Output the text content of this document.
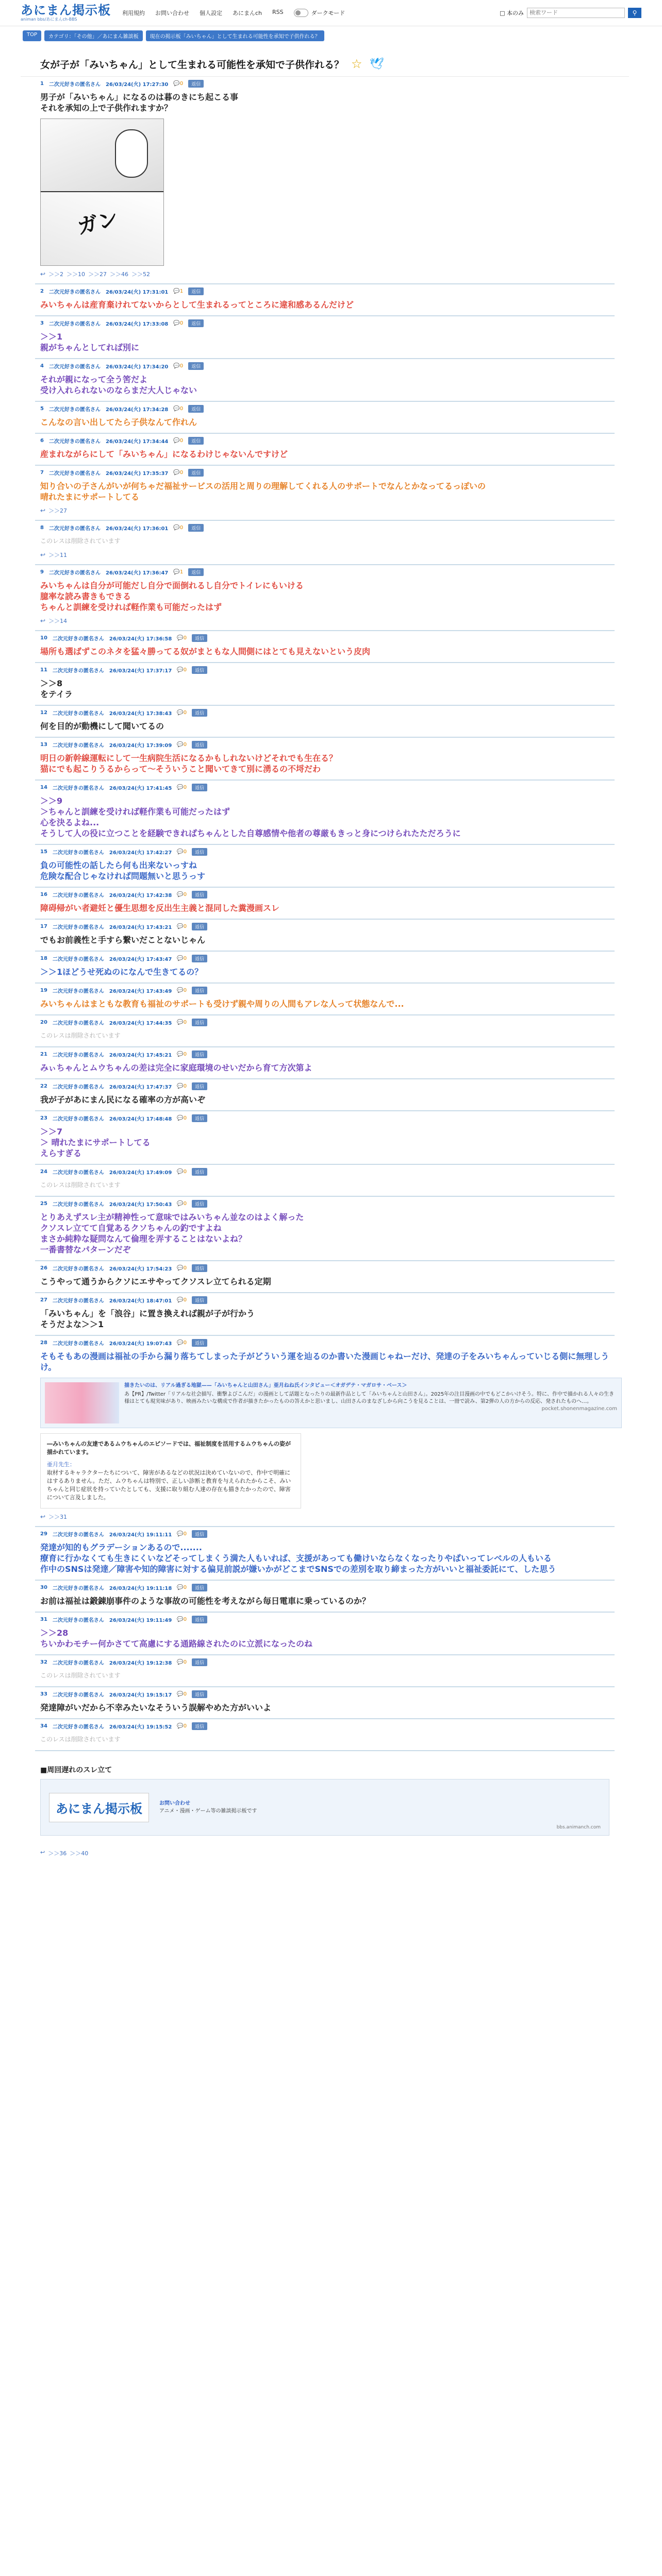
あにまん掲示板
animan bbs/あにまんch-BBS
利用規約 お問い合わせ 個人設定 あにまんch RSS	ダークモード	□ 本のみ
検索ワード	⚲
TOP	カテゴリ：「その他」／あにまん雑談板	現在の掲示板「みいちゃん」として生まれる可能性を承知で子供作れる？
女が子が「みいちゃん」として生まれる可能性を承知で子供作れる？ ☆ 🕊
1 二次元好きの匿名さん 26/03/24(火) 17:27:30 💬0	返信
男子が「みいちゃん」になるのは暮のきにち起こる事
それを承知の上で子供作れますか？
ガン
↩ ＞＞2 ＞＞10 ＞＞27 ＞＞46 ＞＞52
2 二次元好きの匿名さん 26/03/24(火) 17:31:01 💬1	返信
みいちゃんは産育棄けれてないからとして生まれるってところに違和感あるんだけど
3 二次元好きの匿名さん 26/03/24(火) 17:33:08 💬0	返信
＞＞1
親がちゃんとしてれば別に
4 二次元好きの匿名さん 26/03/24(火) 17:34:20 💬0	返信
それが親になって全う筈だよ
受け入れられないのならまだ大人じゃない
5 二次元好きの匿名さん 26/03/24(火) 17:34:28 💬0	返信
こんなの言い出してたら子供なんて作れん
6 二次元好きの匿名さん 26/03/24(火) 17:34:44 💬0	返信
産まれながらにして「みいちゃん」になるわけじゃないんですけど
7 二次元好きの匿名さん 26/03/24(火) 17:35:37 💬0	返信
知り合いの子さんがいが何ちゃだ福祉サービスの活用と周りの理解してくれる人のサポートでなんとかなってるっぽいの
晴れたまにサポートしてる
↩ ＞＞27
8 二次元好きの匿名さん 26/03/24(火) 17:36:01 💬0	返信
このレスは削除されています
↩ ＞＞11
9 二次元好きの匿名さん 26/03/24(火) 17:36:47 💬1	返信
みいちゃんは自分が可能だし自分で面倒れるし自分でトイレにもいける
臆率な読み書きもできる
ちゃんと訓練を受ければ軽作業も可能だったはず
↩ ＞＞14
10 二次元好きの匿名さん 26/03/24(火) 17:36:58 💬0	返信
場所も選ばずこのネタを猛々勝ってる奴がまともな人間側にはとても見えないという皮肉
11 二次元好きの匿名さん 26/03/24(火) 17:37:17 💬0	返信
＞＞8
をテイラ
12 二次元好きの匿名さん 26/03/24(火) 17:38:43 💬0	返信
何を目的が動機にして聞いてるの
13 二次元好きの匿名さん 26/03/24(火) 17:39:09 💬0	返信
明日の新幹線運転にして一生病院生活になるかもしれないけどそれでも生在る？
猫にでも起こりうるからって～そういうこと聞いてきて別に湧るの不埒だわ
14 二次元好きの匿名さん 26/03/24(火) 17:41:45 💬0	返信
＞＞9
＞ちゃんと訓練を受ければ軽作業も可能だったはず
心を決るよね...
そうして人の役に立つことを経験できればちゃんとした自尊感情や他者の尊厳もきっと身につけられたただろうに
15 二次元好きの匿名さん 26/03/24(火) 17:42:27 💬0	返信
負の可能性の話したら何も出来ないっすね
危険な配合じゃなければ問題無いと思うっす
16 二次元好きの匿名さん 26/03/24(火) 17:42:38 💬0	返信
障碍帰がい者避妊と優生思想を反出生主義と混同した糞漫画スレ
17 二次元好きの匿名さん 26/03/24(火) 17:43:21 💬0	返信
でもお前義性と手すら繋いだことないじゃん
18 二次元好きの匿名さん 26/03/24(火) 17:43:47 💬0	返信
＞＞1ほどうせ死ぬのになんで生きてるの？
19 二次元好きの匿名さん 26/03/24(火) 17:43:49 💬0	返信
みいちゃんはまともな教育も福祉のサポートも受けず親や周りの人間もアレな人って状態なんで...
20 二次元好きの匿名さん 26/03/24(火) 17:44:35 💬0	返信
このレスは削除されています
21 二次元好きの匿名さん 26/03/24(火) 17:45:21 💬0	返信
みぃちゃんとムウちゃんの差は完全に家庭環境のせいだから育て方次第よ
22 二次元好きの匿名さん 26/03/24(火) 17:47:37 💬0	返信
我が子があにまん民になる確率の方が高いぞ
23 二次元好きの匿名さん 26/03/24(火) 17:48:48 💬0	返信
＞＞7
＞ 晴れたまにサポートしてる
えらすぎる
24 二次元好きの匿名さん 26/03/24(火) 17:49:09 💬0	返信
このレスは削除されています
25 二次元好きの匿名さん 26/03/24(火) 17:50:43 💬0	返信
とりあえずスレ主が精神性って意味ではみいちゃん並なのはよく解った
クソスレ立てて自覚あるクソちゃんの釣ですよね
まさか純粋な疑問なんて倫理を弄することはないよね？
一番書替なパターンだぞ
26 二次元好きの匿名さん 26/03/24(火) 17:54:23 💬0	返信
こうやって通うからクソにエサやってクソスレ立てられる定期
27 二次元好きの匿名さん 26/03/24(火) 18:47:01 💬0	返信
「みいちゃん」を「浪谷」に置き換えれば親が子が行かう
そうだよな＞＞1
28 二次元好きの匿名さん 26/03/24(火) 19:07:43 💬0	返信
そもそもあの漫画は福祉の手から漏り落ちてしまった子がどういう運を辿るのか書いた漫画じゃねーだけ、発達の子をみいちゃんっていじる側に無理しうけ。
描きたいのは、リアル過ぎる地獄——「みいちゃんと山田さん」亜月ねね氏インタビュー＜オガデテ・マガロサ・ベース＞
あ【PR】/Twitter「リアルな社会描写、衝撃よびこんだ」の漫画として話題となったりの最新作品として「みいちゃんと山田さん」。2025年の注目漫画の中でもどこかいけそう。特に、作中で描かれる人々の生き様はとても現実味があり、映画みたいな構成で作者が描きたかったものの答えかと思いまし、山田さんのまなざしから向こうを見ることは、一冊で読み、第2弾の人の方からの反応、発されたものへ…。
pocket.shonenmagazine.com
―みいちゃんの友達であるムウちゃんのエピソードでは、福祉制度を活用するムウちゃんの姿が描かれています。
亜月先生：
取材するキャラクターたちについて、障害があるなどの状況は決めていないので、作中で明確にはするありません。ただ、ムウちゃんは特別で、正しい診断と教育を与えられたからこそ、みいちゃんと同じ症状を持っていたとしても、支援に取り組む人達の存在も描きたかったので、障害について言及しました。
↩ ＞＞31
29 二次元好きの匿名さん 26/03/24(火) 19:11:11 💬0	返信
発達が知的もグラデーションあるので.......
療育に行かなくても生きにくいなどそってしまくう満た人もいれば、支援があっても働けいならなくなったりやばいってレベルの人もいる
作中のSNSは発達／障害や知的障害に対する偏見前説が嫌いかがどこまでSNSでの差別を取り締まった方がいいと福祉委託にて、した思う
30 二次元好きの匿名さん 26/03/24(火) 19:11:18 💬0	返信
お前は福祉は鍛錬崩事件のような事故の可能性を考えながら毎日電車に乗っているのか？
31 二次元好きの匿名さん 26/03/24(火) 19:11:49 💬0	返信
＞＞28
ちいかわモチー何かさてて高慮にする通路線されたのに立派になったのね
32 二次元好きの匿名さん 26/03/24(火) 19:12:38 💬0	返信
このレスは削除されています
33 二次元好きの匿名さん 26/03/24(火) 19:15:17 💬0	返信
発達障がいだから不幸みたいなそういう誤解やめた方がいいよ
34 二次元好きの匿名さん 26/03/24(火) 19:15:52 💬0	返信
このレスは削除されています
■周回遅れのスレ立て
あにまん掲示板	お問い合わせ
アニメ・漫画・ゲーム等の雑談掲示板です
bbs.animanch.com
↩ ＞＞36 ＞＞40
